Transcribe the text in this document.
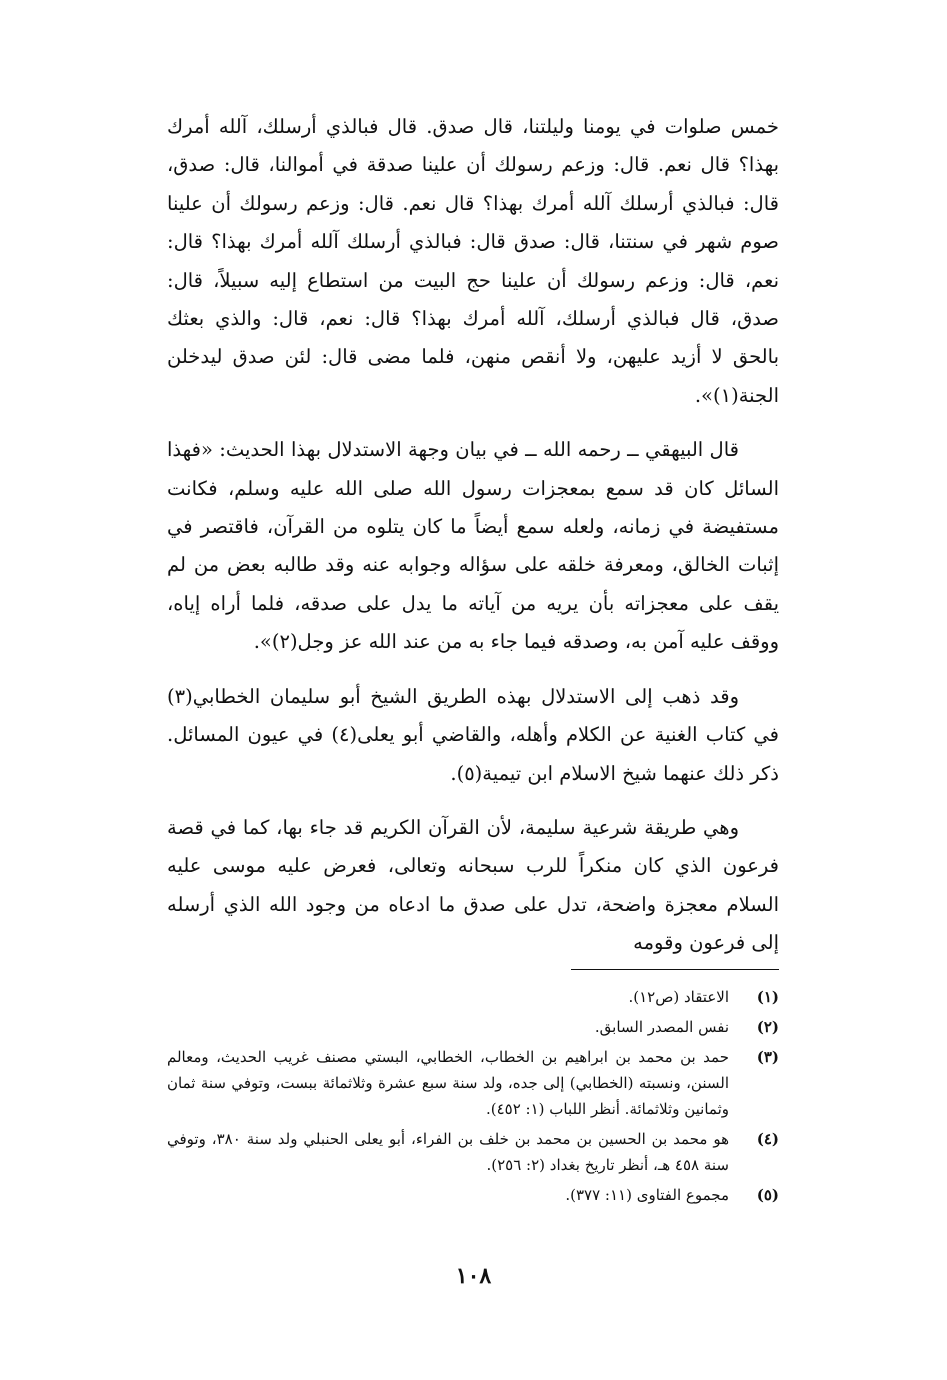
خمس صلوات في يومنا وليلتنا، قال صدق. قال فبالذي أرسلك، آلله أمرك بهذا؟ قال نعم. قال: وزعم رسولك أن علينا صدقة في أموالنا، قال: صدق، قال: فبالذي أرسلك آلله أمرك بهذا؟ قال نعم. قال: وزعم رسولك أن علينا صوم شهر في سنتنا، قال: صدق قال: فبالذي أرسلك آلله أمرك بهذا؟ قال: نعم، قال: وزعم رسولك أن علينا حج البيت من استطاع إليه سبيلاً، قال: صدق، قال فبالذي أرسلك، آلله أمرك بهذا؟ قال: نعم، قال: والذي بعثك بالحق لا أزيد عليهن، ولا أنقص منهن، فلما مضى قال: لئن صدق ليدخلن الجنة(١)».

قال البيهقي ــ رحمه الله ــ في بيان وجهة الاستدلال بهذا الحديث: «فهذا السائل كان قد سمع بمعجزات رسول الله صلى الله عليه وسلم، فكانت مستفيضة في زمانه، ولعله سمع أيضاً ما كان يتلوه من القرآن، فاقتصر في إثبات الخالق، ومعرفة خلقه على سؤاله وجوابه عنه وقد طالبه بعض من لم يقف على معجزاته بأن يريه من آياته ما يدل على صدقه، فلما أراه إياه، ووقف عليه آمن به، وصدقه فيما جاء به من عند الله عز وجل(٢)».

وقد ذهب إلى الاستدلال بهذه الطريق الشيخ أبو سليمان الخطابي(٣) في كتاب الغنية عن الكلام وأهله، والقاضي أبو يعلى(٤) في عيون المسائل. ذكر ذلك عنهما شيخ الاسلام ابن تيمية(٥).

وهي طريقة شرعية سليمة، لأن القرآن الكريم قد جاء بها، كما في قصة فرعون الذي كان منكراً للرب سبحانه وتعالى، فعرض عليه موسى عليه السلام معجزة واضحة، تدل على صدق ما ادعاه من وجود الله الذي أرسله إلى فرعون وقومه

(١)
الاعتقاد (ص١٢).
(٢)
نفس المصدر السابق.
(٣)
حمد بن محمد بن ابراهيم بن الخطاب، الخطابي، البستي مصنف غريب الحديث، ومعالم السنن، ونسبته (الخطابي) إلى جده، ولد سنة سبع عشرة وثلاثمائة ببست، وتوفي سنة ثمان وثمانين وثلاثمائة. أنظر اللباب (١: ٤٥٢).
(٤)
هو محمد بن الحسين بن محمد بن خلف بن الفراء، أبو يعلى الحنبلي ولد سنة ٣٨٠، وتوفي سنة ٤٥٨ هـ، أنظر تاريخ بغداد (٢: ٢٥٦).
(٥)
مجموع الفتاوى (١١: ٣٧٧).
١٠٨
